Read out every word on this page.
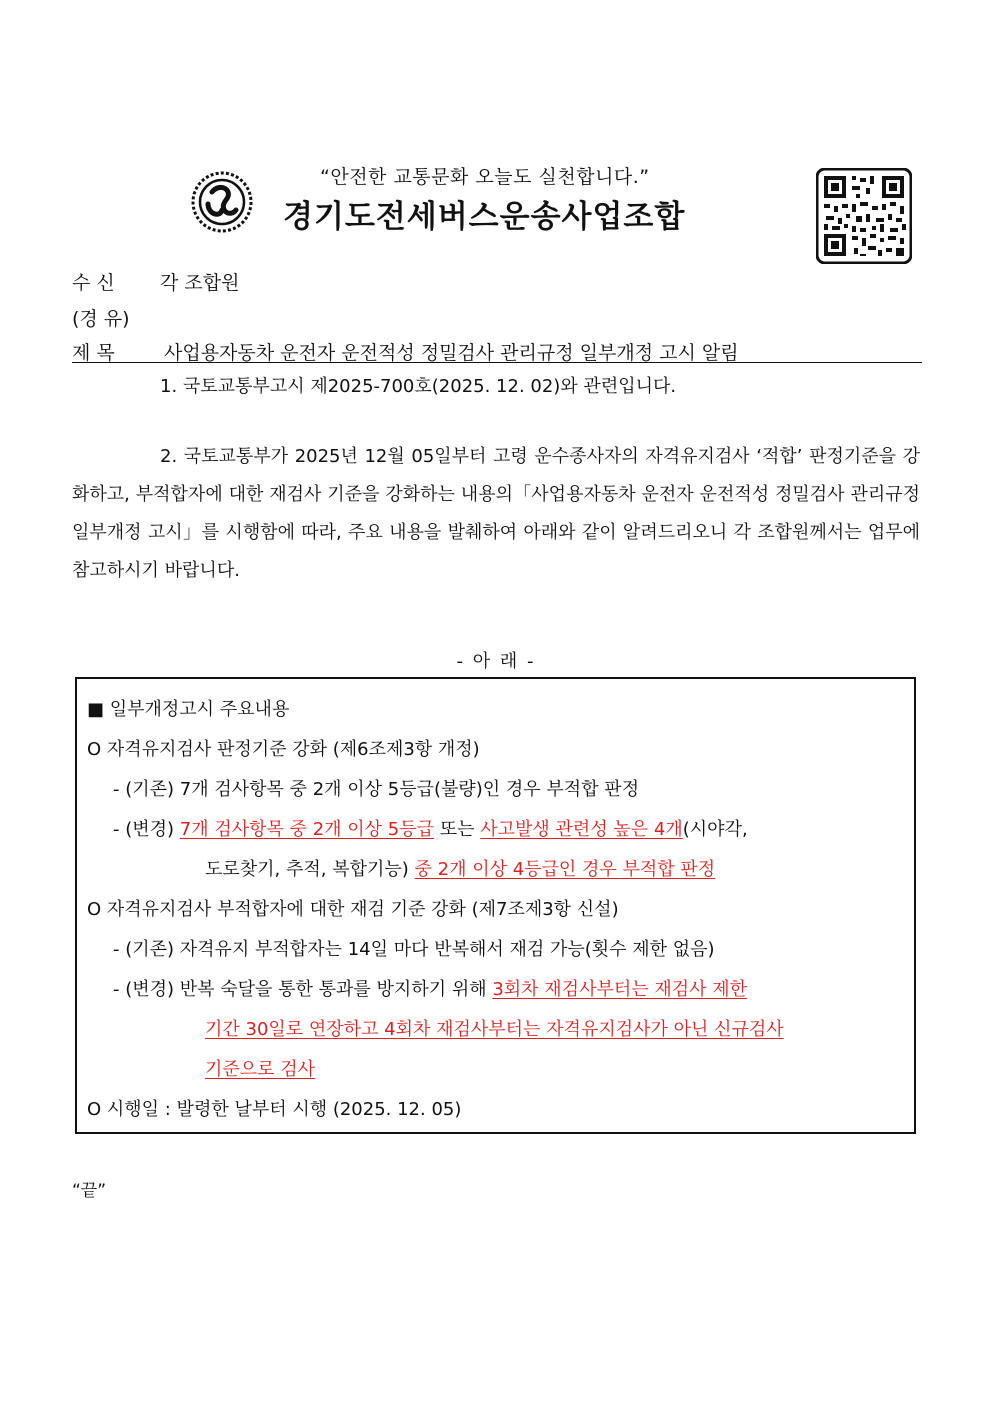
“안전한 교통문화 오늘도 실천합니다.”
경기도전세버스운송사업조합
수 신 각 조합원
(경 유)
제 목	사업용자동차 운전자 운전적성 정밀검사 관리규정 일부개정 고시 알림
1. 국토교통부고시 제2025-700호(2025. 12. 02)와 관련입니다.
2. 국토교통부가 2025년 12월 05일부터 고령 운수종사자의 자격유지검사 ‘적합’ 판정기준을 강화하고, 부적합자에 대한 재검사 기준을 강화하는 내용의「사업용자동차 운전자 운전적성 정밀검사 관리규정 일부개정 고시」를 시행함에 따라, 주요 내용을 발췌하여 아래와 같이 알려드리오니 각 조합원께서는 업무에 참고하시기 바랍니다.
- 아 래 -
■ 일부개정고시 주요내용
O 자격유지검사 판정기준 강화 (제6조제3항 개정)
- (기존) 7개 검사항목 중 2개 이상 5등급(불량)인 경우 부적합 판정
- (변경) 7개 검사항목 중 2개 이상 5등급 또는 사고발생 관련성 높은 4개(시야각,
도로찾기, 추적, 복합기능) 중 2개 이상 4등급인 경우 부적합 판정
O 자격유지검사 부적합자에 대한 재검 기준 강화 (제7조제3항 신설)
- (기존) 자격유지 부적합자는 14일 마다 반복해서 재검 가능(횟수 제한 없음)
- (변경) 반복 숙달을 통한 통과를 방지하기 위해 3회차 재검사부터는 재검사 제한
기간 30일로 연장하고 4회차 재검사부터는 자격유지검사가 아닌 신규검사
기준으로 검사
O 시행일 : 발령한 날부터 시행 (2025. 12. 05)
“끝”
